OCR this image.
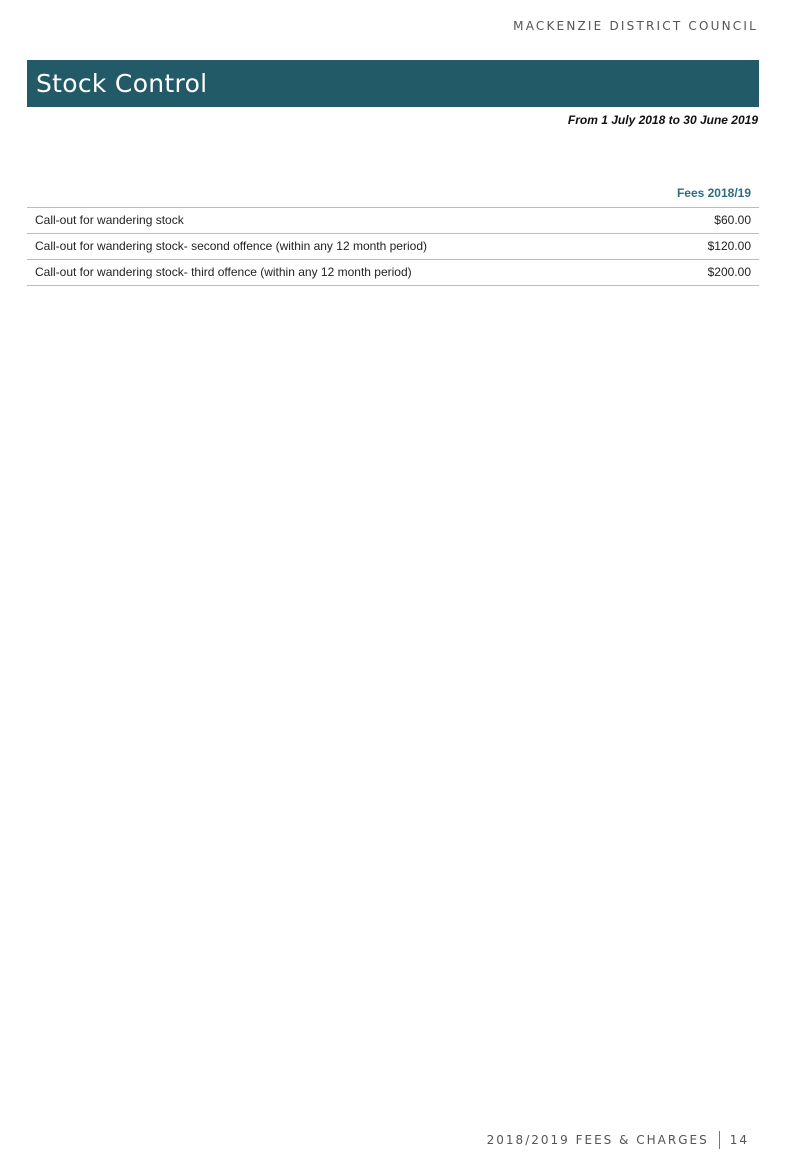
MACKENZIE DISTRICT COUNCIL
Stock Control
From 1 July 2018 to 30 June 2019
	Fees 2018/19
Call-out for wandering stock	$60.00
Call-out for wandering stock- second offence (within any 12 month period)	$120.00
Call-out for wandering stock- third offence (within any 12 month period)	$200.00
2018/2019 FEES & CHARGES 14
